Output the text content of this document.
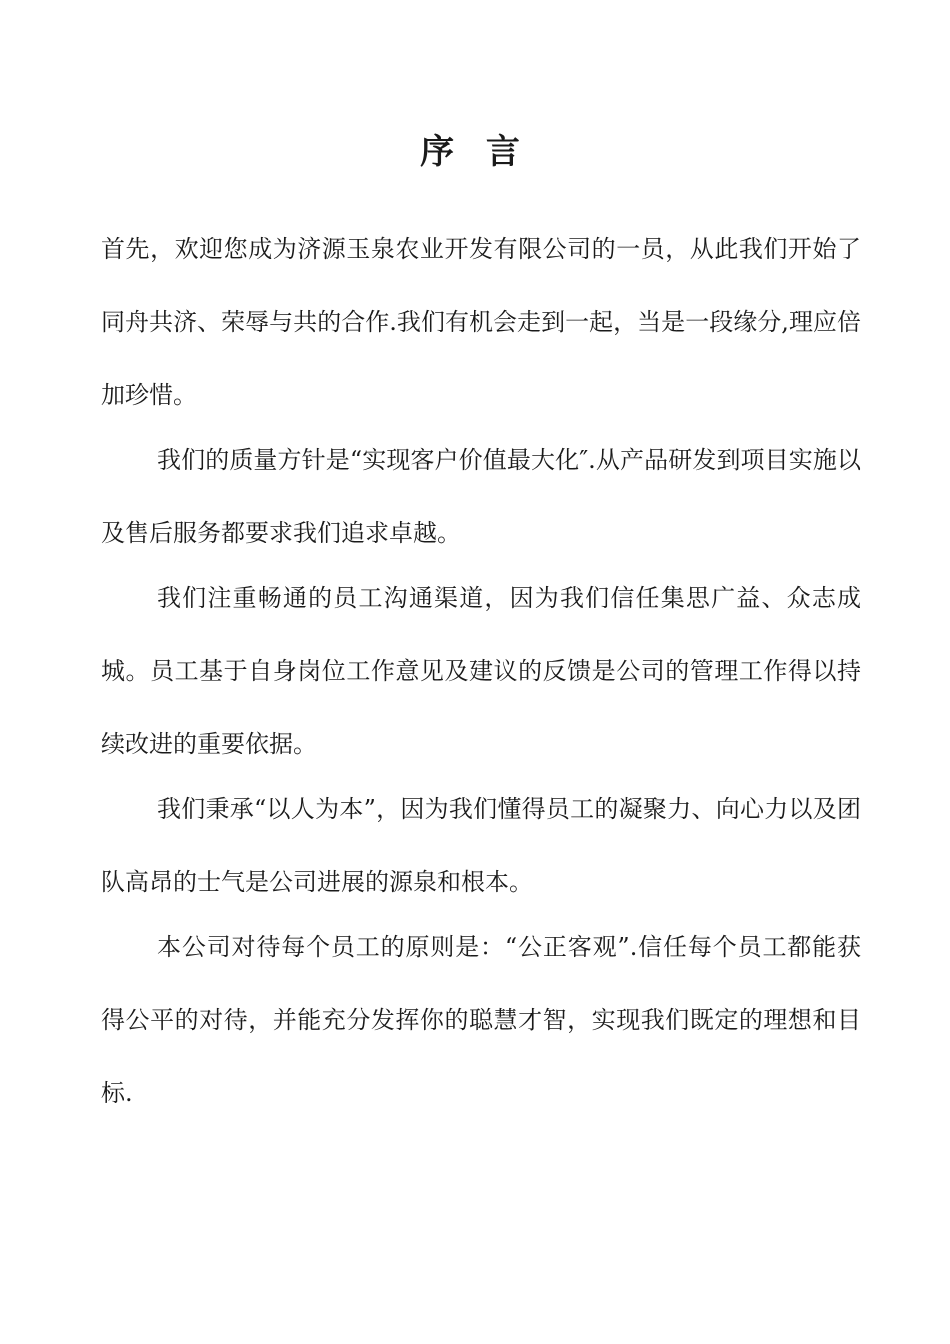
序 言

首先，欢迎您成为济源玉泉农业开发有限公司的一员，从此我们开始了同舟共济、荣辱与共的合作.我们有机会走到一起，当是一段缘分,理应倍加珍惜。

我们的质量方针是“实现客户价值最大化″.从产品研发到项目实施以及售后服务都要求我们追求卓越。

我们注重畅通的员工沟通渠道，因为我们信任集思广益、众志成城。员工基于自身岗位工作意见及建议的反馈是公司的管理工作得以持续改进的重要依据。

我们秉承“以人为本”，因为我们懂得员工的凝聚力、向心力以及团队高昂的士气是公司进展的源泉和根本。

本公司对待每个员工的原则是：“公正客观”.信任每个员工都能获得公平的对待，并能充分发挥你的聪慧才智，实现我们既定的理想和目标.
